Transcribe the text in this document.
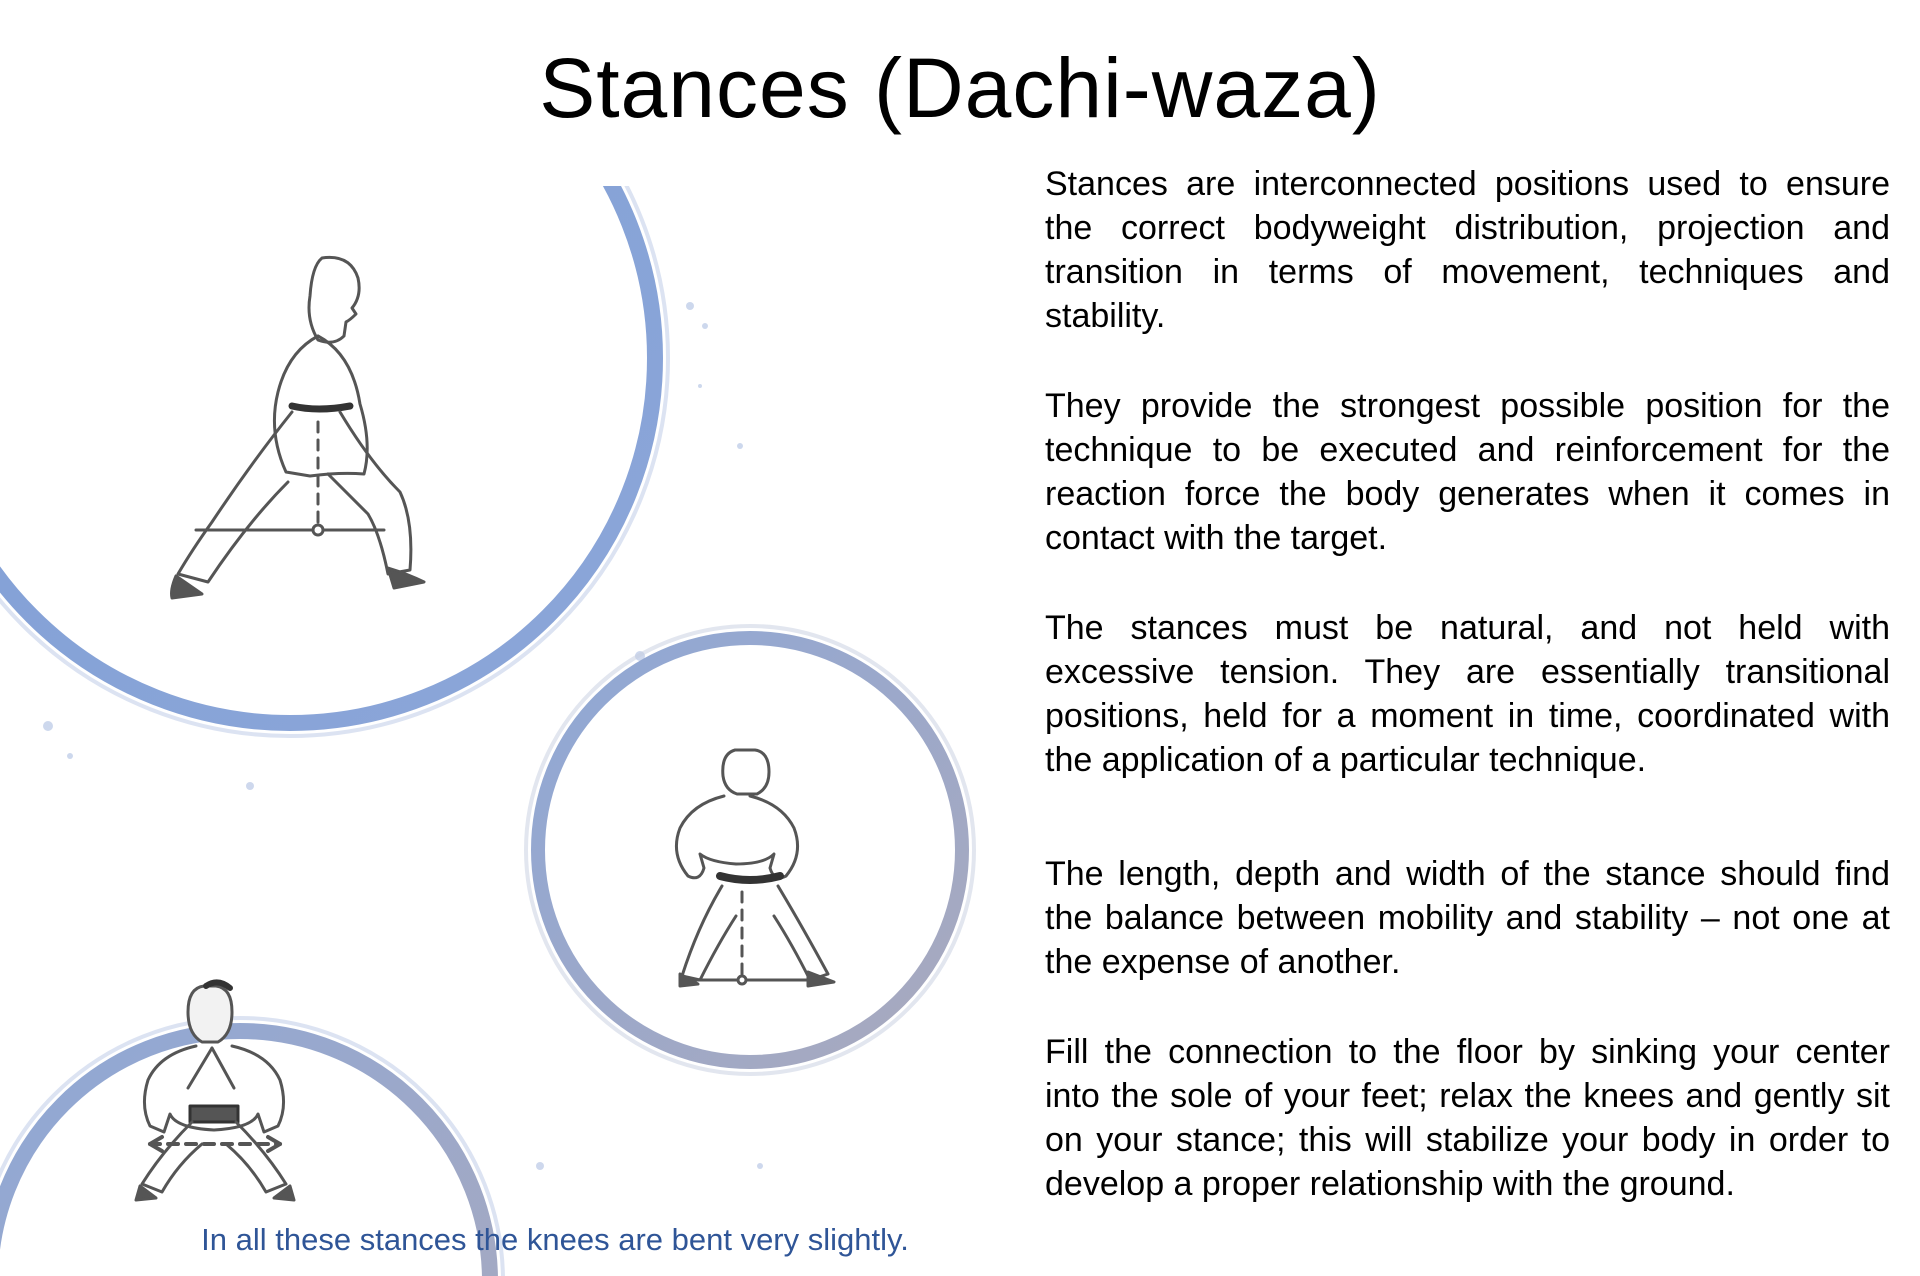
Stances (Dachi-waza)
In all these stances the knees are bent very slightly.

Stances are interconnected positions used to ensure the correct bodyweight distribution, projection and transition in terms of movement, techniques and stability.

They provide the strongest possible position for the technique to be executed and reinforcement for the reaction force the body generates when it comes in contact with the target.

The stances must be natural, and not held with excessive tension. They are essentially transitional positions, held for a moment in time, coordinated with the application of a particular technique.

The length, depth and width of the stance should find the balance between mobility and stability – not one at the expense of another.

Fill the connection to the floor by sinking your center into the sole of your feet; relax the knees and gently sit on your stance; this will stabilize your body in order to develop a proper relationship with the ground.
